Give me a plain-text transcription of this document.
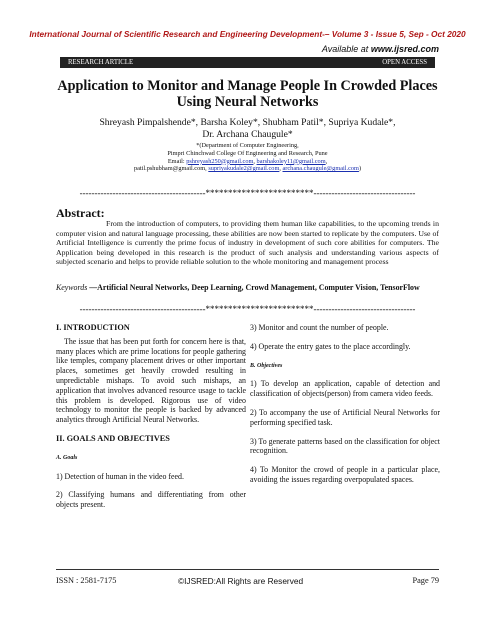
International Journal of Scientific Research and Engineering Development-– Volume 3 - Issue 5, Sep - Oct 2020
Available at www.ijsred.com
RESEARCH ARTICLE	OPEN ACCESS
Application to Monitor and Manage People In Crowded Places
Using Neural Networks
Shreyash Pimpalshende*, Barsha Koley*, Shubham Patil*, Supriya Kudale*,
Dr. Archana Chaugule*
*(Department of Computer Engineering,
Pimpri Chinchwad College Of Engineering and Research, Pune
Email: pshreyash250@gmail.com, barshakoley11@gmail.com,
patil.pshubham@gmail.com, supriyakudale2@gmail.com, archana.chaugule@gmail.com)
------------------------------------------************************----------------------------------
Abstract:
From the introduction of computers, to providing them human like capabilities, to the upcoming trends in computer vision and natural language processing, these abilities are now been started to replicate by the computers. Use of Artificial Intelligence is currently the prime focus of industry in development of such core abilities for computers. The Application being developed in this research is the product of such analysis and understanding various aspects of subjected scenario and helps to provide reliable solution to the whole monitoring and management process
Keywords —Artificial Neural Networks, Deep Learning, Crowd Management, Computer Vision, TensorFlow
------------------------------------------************************----------------------------------
I. INTRODUCTION

The issue that has been put forth for concern here is that, many places which are prime locations for people gathering like temples, company placement drives or other important places, sometimes get heavily crowded resulting in unpredictable mishaps. To avoid such mishaps, an application that involves advanced resource usage to tackle this problem is developed. Rigorous use of video technology to monitor the people is backed by advanced analytics through Artificial Neural Networks.

II. GOALS AND OBJECTIVES
A. Goals

1) Detection of human in the video feed.

2) Classifying humans and differentiating from other objects present.

3) Monitor and count the number of people.

4) Operate the entry gates to the place accordingly.

B. Objectives

1) To develop an application, capable of detection and classification of objects(person) from camera video feeds.

2) To accompany the use of Artificial Neural Networks for performing specified task.

3) To generate patterns based on the classification for object recognition.

4) To Monitor the crowd of people in a particular place, avoiding the issues regarding overpopulated spaces.

ISSN : 2581-7175	©IJSRED:All Rights are Reserved	Page 79
